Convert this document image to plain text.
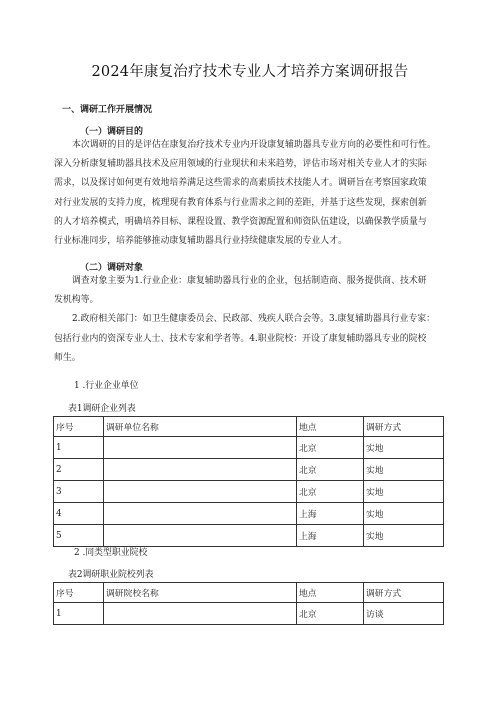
2024年康复治疗技术专业人才培养方案调研报告
一、调研工作开展情况
（一）调研目的
本次调研的目的是评估在康复治疗技术专业内开设康复辅助器具专业方向的必要性和可行性。
深入分析康复辅助器具技术及应用领域的行业现状和未来趋势，评估市场对相关专业人才的实际
需求，以及探讨如何更有效地培养满足这些需求的高素质技术技能人才。调研旨在考察国家政策
对行业发展的支持力度，梳理现有教育体系与行业需求之间的差距，并基于这些发现，探索创新
的人才培养模式，明确培养目标、课程设置、教学资源配置和师资队伍建设，以确保教学质量与
行业标准同步，培养能够推动康复辅助器具行业持续健康发展的专业人才。
（二）调研对象
调查对象主要为1.行业企业：康复辅助器具行业的企业，包括制造商、服务提供商、技术研
发机构等。
2.政府相关部门：如卫生健康委员会、民政部、残疾人联合会等。3.康复辅助器具行业专家：
包括行业内的资深专业人士、技术专家和学者等。4.职业院校：开设了康复辅助器具专业的院校
师生。
1 .行业企业单位
表1调研企业列表
序号	调研单位名称	地点	调研方式
1		北京	实地
2		北京	实地
3		北京	实地
4		上海	实地
5		上海	实地
2 .同类型职业院校
表2调研职业院校列表
序号	调研院校名称	地点	调研方式
1		北京	访谈
